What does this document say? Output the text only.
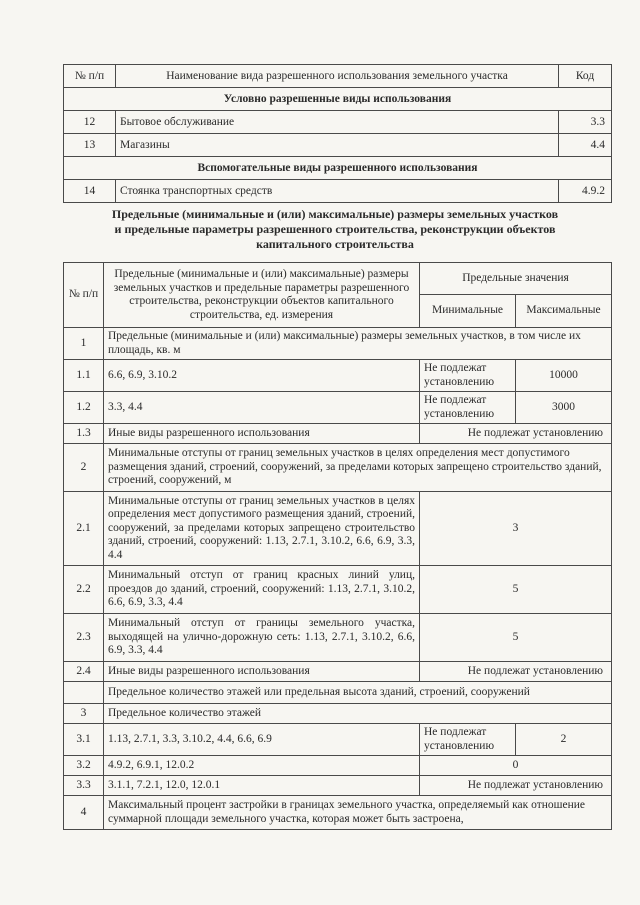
№ п/п	Наименование вида разрешенного использования земельного участка	Код
Условно разрешенные виды использования		
12	Бытовое обслуживание	3.3
13	Магазины	4.4
Вспомогательные виды разрешенного использования		
14	Стоянка транспортных средств	4.9.2
Предельные (минимальные и (или) максимальные) размеры земельных участков
и предельные параметры разрешенного строительства, реконструкции объектов
капитального строительства
№ п/п	Предельные (минимальные и (или) максимальные) размеры земельных участков и предельные параметры разрешенного строительства, реконструкции объектов капитального строительства, ед. измерения	Предельные значения	
		Минимальные	Максимальные
1	Предельные (минимальные и (или) максимальные) размеры земельных участков, в том числе их площадь, кв. м		
1.1	6.6, 6.9, 3.10.2	Не подлежат установлению	10000
1.2	3.3, 4.4	Не подлежат установлению	3000
1.3	Иные виды разрешенного использования	Не подлежат установлению	
2	Минимальные отступы от границ земельных участков в целях определения мест допустимого размещения зданий, строений, сооружений, за пределами которых запрещено строительство зданий, строений, сооружений, м		
2.1	Минимальные отступы от границ земельных участков в целях определения мест допустимого размещения зданий, строений, сооружений, за пределами которых запрещено строительство зданий, строений, сооружений: 1.13, 2.7.1, 3.10.2, 6.6, 6.9, 3.3, 4.4	3	
2.2	Минимальный отступ от границ красных линий улиц, проездов до зданий, строений, сооружений: 1.13, 2.7.1, 3.10.2, 6.6, 6.9, 3.3, 4.4	5	
2.3	Минимальный отступ от границы земельного участка, выходящей на улично-дорожную сеть: 1.13, 2.7.1, 3.10.2, 6.6, 6.9, 3.3, 4.4	5	
2.4	Иные виды разрешенного использования	Не подлежат установлению	
	Предельное количество этажей или предельная высота зданий, строений, сооружений		
3	Предельное количество этажей		
3.1	1.13, 2.7.1, 3.3, 3.10.2, 4.4, 6.6, 6.9	Не подлежат установлению	2
3.2	4.9.2, 6.9.1, 12.0.2	0	
3.3	3.1.1, 7.2.1, 12.0, 12.0.1	Не подлежат установлению	
4	Максимальный процент застройки в границах земельного участка, определяемый как отношение суммарной площади земельного участка, которая может быть застроена,		
